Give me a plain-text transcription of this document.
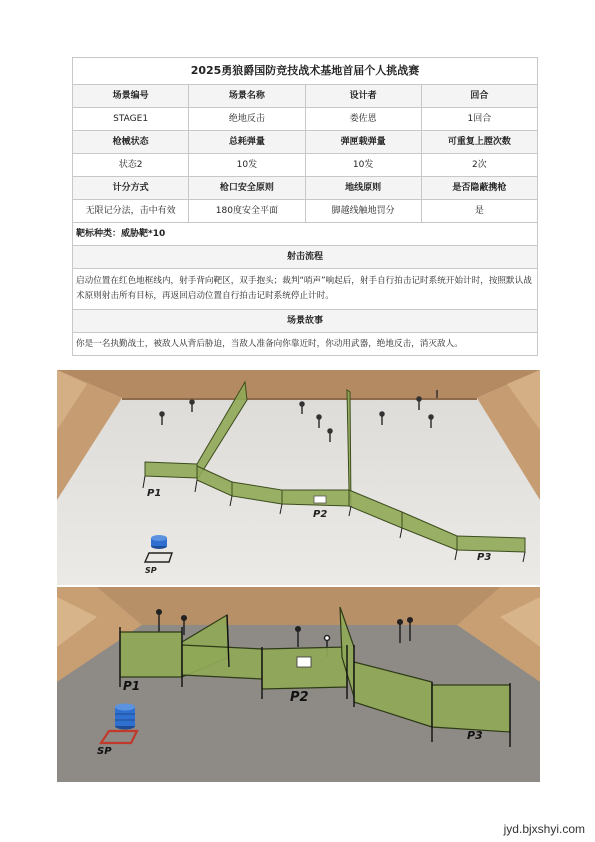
2025勇狼爵国防竞技战术基地首届个人挑战赛			
场景编号	场景名称	设计者	回合
STAGE1	绝地反击	娄佐恩	1回合
枪械状态	总耗弹量	弹匣载弹量	可重复上膛次数
状态2	10发	10发	2次
计分方式	枪口安全原则	地线原则	是否隐蔽携枪
无限记分法，击中有效	180度安全平面	脚越线触地罚分	是
靶标种类：威胁靶*10			
射击流程			
启动位置在红色地框线内，射手背向靶区，双手抱头；裁判“哨声”响起后，射手自行拍击记时系统开始计时，按照默认战术原则射击所有目标，再返回启动位置自行拍击记时系统停止计时。			
场景故事			
你是一名执勤战士，被敌人从背后胁迫，当敌人准备向你靠近时，你动用武器，绝地反击，消灭敌人。			
P1
P2
P3
SP
P1
P2
P3
SP
jyd.bjxshyi.com
